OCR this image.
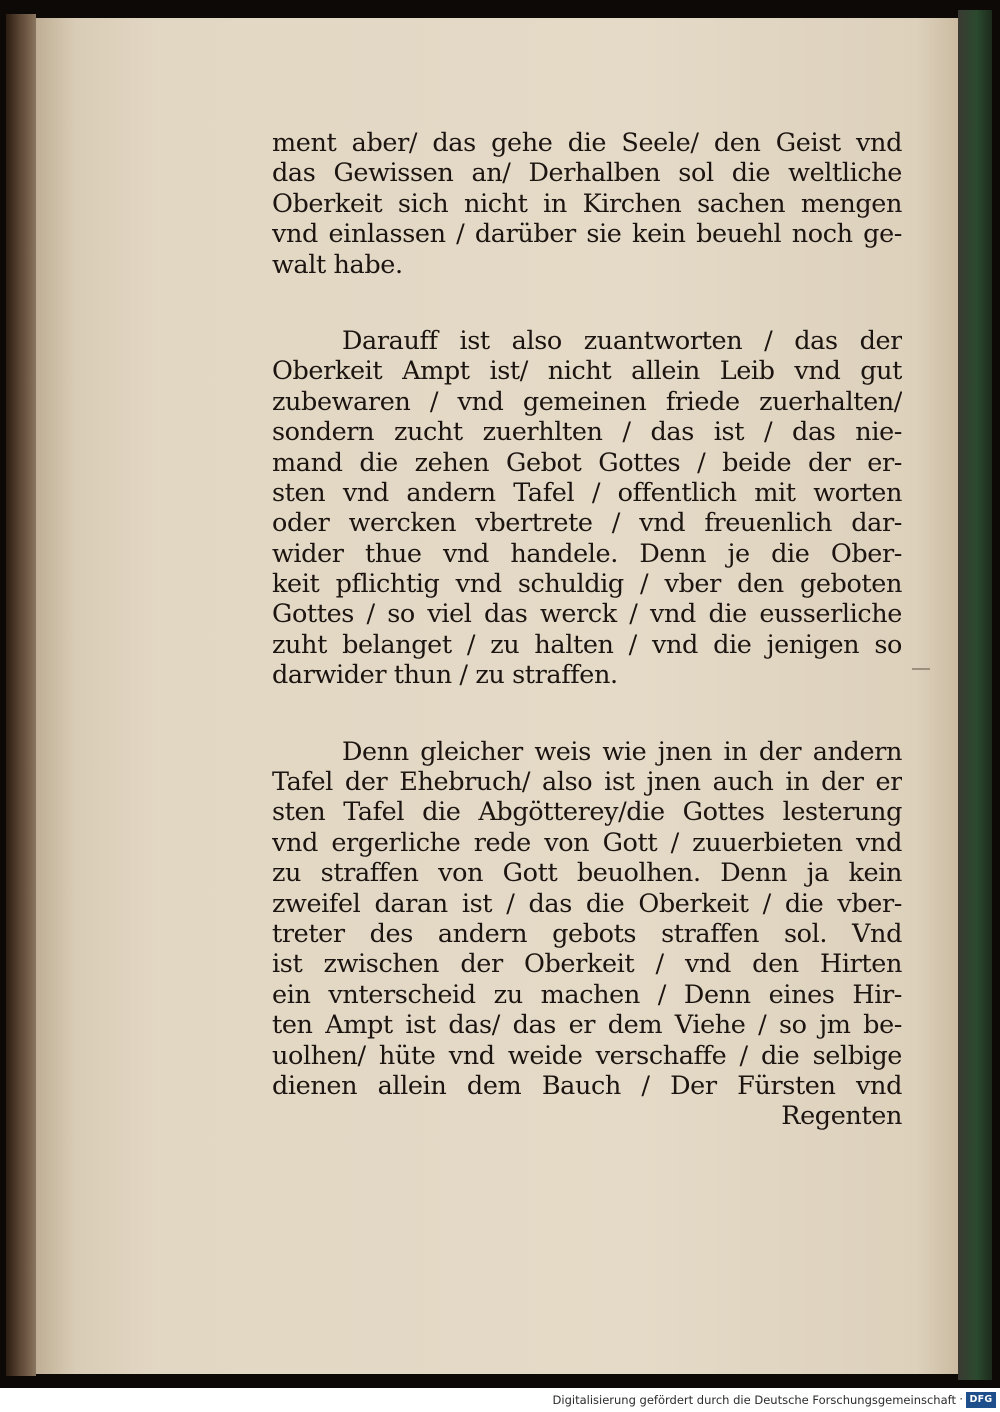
ment aber/ das gehe die Seele/ den Geist vnd
das Gewissen an/ Derhalben sol die weltliche
Oberkeit sich nicht in Kirchen sachen mengen
vnd einlassen / darüber sie kein beuehl noch ge-
walt habe.
Darauff ist also zuantworten / das der
Oberkeit Ampt ist/ nicht allein Leib vnd gut
zubewaren / vnd gemeinen friede zuerhalten/
sondern zucht zuerhlten / das ist / das nie-
mand die zehen Gebot Gottes / beide der er-
sten vnd andern Tafel / offentlich mit worten
oder wercken vbertrete / vnd freuenlich dar-
wider thue vnd handele. Denn je die Ober-
keit pflichtig vnd schuldig / vber den geboten
Gottes / so viel das werck / vnd die eusserliche
zuht belanget / zu halten / vnd die jenigen so
darwider thun / zu straffen.
Denn gleicher weis wie jnen in der andern
Tafel der Ehebruch/ also ist jnen auch in der er
sten Tafel die Abgötterey/die Gottes lesterung
vnd ergerliche rede von Gott / zuuerbieten vnd
zu straffen von Gott beuolhen. Denn ja kein
zweifel daran ist / das die Oberkeit / die vber-
treter des andern gebots straffen sol. Vnd
ist zwischen der Oberkeit / vnd den Hirten
ein vnterscheid zu machen / Denn eines Hir-
ten Ampt ist das/ das er dem Viehe / so jm be-
uolhen/ hüte vnd weide verschaffe / die selbige
dienen allein dem Bauch / Der Fürsten vnd
Regenten
Digitalisierung gefördert durch die Deutsche Forschungsgemeinschaft · DFG
